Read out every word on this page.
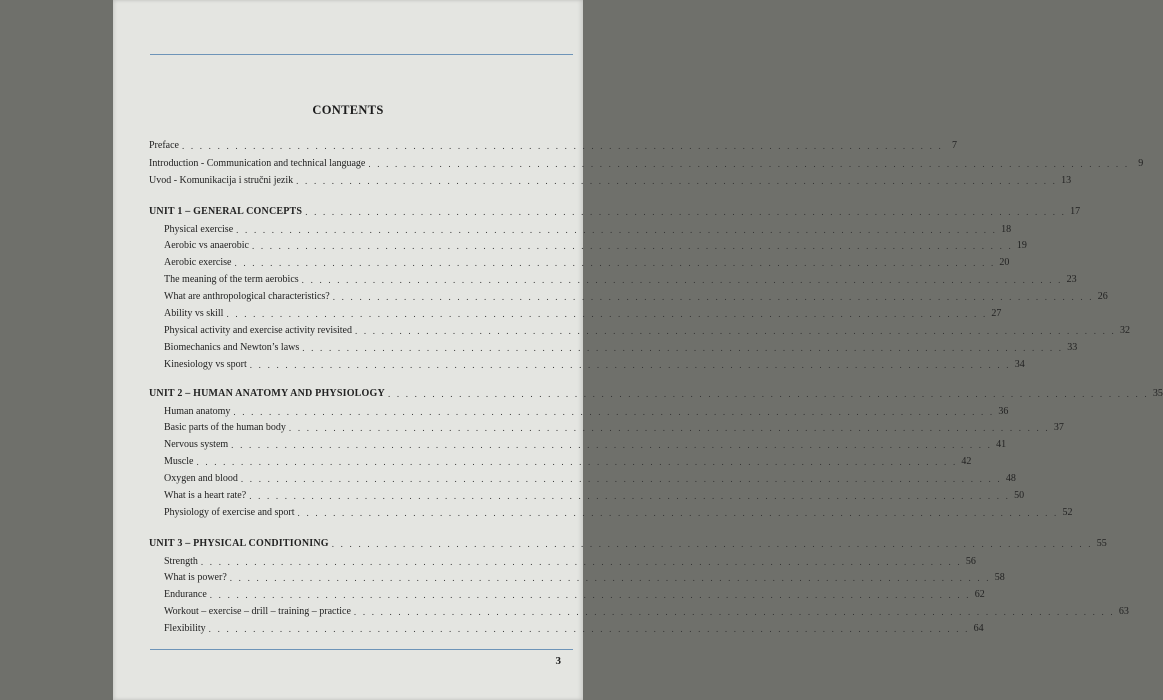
CONTENTS
Preface . . . . . . . . . . . . . . . . . . . . . . . . . . . . . . . . . . . . . . . . . . . . . . . . . . . . . . . . . . . . . . . . . . . . . . . . . . . . . . . . . . . . . . 7
Introduction - Communication and technical language . . . . . . . . . . . . . . . . . . . . . . . . . . . . . . . . . . . . . . . . . . . . . . . . . . . . . . . . . . . . . . . . . . . . . . . . . . . . . . . . . . . . . . 9
Uvod - Komunikacija i stručni jezik . . . . . . . . . . . . . . . . . . . . . . . . . . . . . . . . . . . . . . . . . . . . . . . . . . . . . . . . . . . . . . . . . . . . . . . . . . . . . . . . . . . . . . 13
UNIT 1 – GENERAL CONCEPTS . . . . . . . . . . . . . . . . . . . . . . . . . . . . . . . . . . . . . . . . . . . . . . . . . . . . . . . . . . . . . . . . . . . . . . . . . . . . . . . . . . . . . . 17
Physical exercise . . . . . . . . . . . . . . . . . . . . . . . . . . . . . . . . . . . . . . . . . . . . . . . . . . . . . . . . . . . . . . . . . . . . . . . . . . . . . . . . . . . . . . 18
Aerobic vs anaerobic . . . . . . . . . . . . . . . . . . . . . . . . . . . . . . . . . . . . . . . . . . . . . . . . . . . . . . . . . . . . . . . . . . . . . . . . . . . . . . . . . . . . . . 19
Aerobic exercise . . . . . . . . . . . . . . . . . . . . . . . . . . . . . . . . . . . . . . . . . . . . . . . . . . . . . . . . . . . . . . . . . . . . . . . . . . . . . . . . . . . . . . 20
The meaning of the term aerobics . . . . . . . . . . . . . . . . . . . . . . . . . . . . . . . . . . . . . . . . . . . . . . . . . . . . . . . . . . . . . . . . . . . . . . . . . . . . . . . . . . . . . . 23
What are anthropological characteristics? . . . . . . . . . . . . . . . . . . . . . . . . . . . . . . . . . . . . . . . . . . . . . . . . . . . . . . . . . . . . . . . . . . . . . . . . . . . . . . . . . . . . . . 26
Ability vs skill . . . . . . . . . . . . . . . . . . . . . . . . . . . . . . . . . . . . . . . . . . . . . . . . . . . . . . . . . . . . . . . . . . . . . . . . . . . . . . . . . . . . . . 27
Physical activity and exercise activity revisited . . . . . . . . . . . . . . . . . . . . . . . . . . . . . . . . . . . . . . . . . . . . . . . . . . . . . . . . . . . . . . . . . . . . . . . . . . . . . . . . . . . . . . 32
Biomechanics and Newton’s laws . . . . . . . . . . . . . . . . . . . . . . . . . . . . . . . . . . . . . . . . . . . . . . . . . . . . . . . . . . . . . . . . . . . . . . . . . . . . . . . . . . . . . . 33
Kinesiology vs sport . . . . . . . . . . . . . . . . . . . . . . . . . . . . . . . . . . . . . . . . . . . . . . . . . . . . . . . . . . . . . . . . . . . . . . . . . . . . . . . . . . . . . . 34
UNIT 2 – HUMAN ANATOMY AND PHYSIOLOGY . . . . . . . . . . . . . . . . . . . . . . . . . . . . . . . . . . . . . . . . . . . . . . . . . . . . . . . . . . . . . . . . . . . . . . . . . . . . . . . . . . . . . . 35
Human anatomy . . . . . . . . . . . . . . . . . . . . . . . . . . . . . . . . . . . . . . . . . . . . . . . . . . . . . . . . . . . . . . . . . . . . . . . . . . . . . . . . . . . . . . 36
Basic parts of the human body . . . . . . . . . . . . . . . . . . . . . . . . . . . . . . . . . . . . . . . . . . . . . . . . . . . . . . . . . . . . . . . . . . . . . . . . . . . . . . . . . . . . . . 37
Nervous system . . . . . . . . . . . . . . . . . . . . . . . . . . . . . . . . . . . . . . . . . . . . . . . . . . . . . . . . . . . . . . . . . . . . . . . . . . . . . . . . . . . . . . 41
Muscle . . . . . . . . . . . . . . . . . . . . . . . . . . . . . . . . . . . . . . . . . . . . . . . . . . . . . . . . . . . . . . . . . . . . . . . . . . . . . . . . . . . . . . 42
Oxygen and blood . . . . . . . . . . . . . . . . . . . . . . . . . . . . . . . . . . . . . . . . . . . . . . . . . . . . . . . . . . . . . . . . . . . . . . . . . . . . . . . . . . . . . . 48
What is a heart rate? . . . . . . . . . . . . . . . . . . . . . . . . . . . . . . . . . . . . . . . . . . . . . . . . . . . . . . . . . . . . . . . . . . . . . . . . . . . . . . . . . . . . . . 50
Physiology of exercise and sport . . . . . . . . . . . . . . . . . . . . . . . . . . . . . . . . . . . . . . . . . . . . . . . . . . . . . . . . . . . . . . . . . . . . . . . . . . . . . . . . . . . . . . 52
UNIT 3 – PHYSICAL CONDITIONING . . . . . . . . . . . . . . . . . . . . . . . . . . . . . . . . . . . . . . . . . . . . . . . . . . . . . . . . . . . . . . . . . . . . . . . . . . . . . . . . . . . . . . 55
Strength . . . . . . . . . . . . . . . . . . . . . . . . . . . . . . . . . . . . . . . . . . . . . . . . . . . . . . . . . . . . . . . . . . . . . . . . . . . . . . . . . . . . . . 56
What is power? . . . . . . . . . . . . . . . . . . . . . . . . . . . . . . . . . . . . . . . . . . . . . . . . . . . . . . . . . . . . . . . . . . . . . . . . . . . . . . . . . . . . . . 58
Endurance . . . . . . . . . . . . . . . . . . . . . . . . . . . . . . . . . . . . . . . . . . . . . . . . . . . . . . . . . . . . . . . . . . . . . . . . . . . . . . . . . . . . . . 62
Workout – exercise – drill – training – practice . . . . . . . . . . . . . . . . . . . . . . . . . . . . . . . . . . . . . . . . . . . . . . . . . . . . . . . . . . . . . . . . . . . . . . . . . . . . . . . . . . . . . . 63
Flexibility . . . . . . . . . . . . . . . . . . . . . . . . . . . . . . . . . . . . . . . . . . . . . . . . . . . . . . . . . . . . . . . . . . . . . . . . . . . . . . . . . . . . . . 64
3
